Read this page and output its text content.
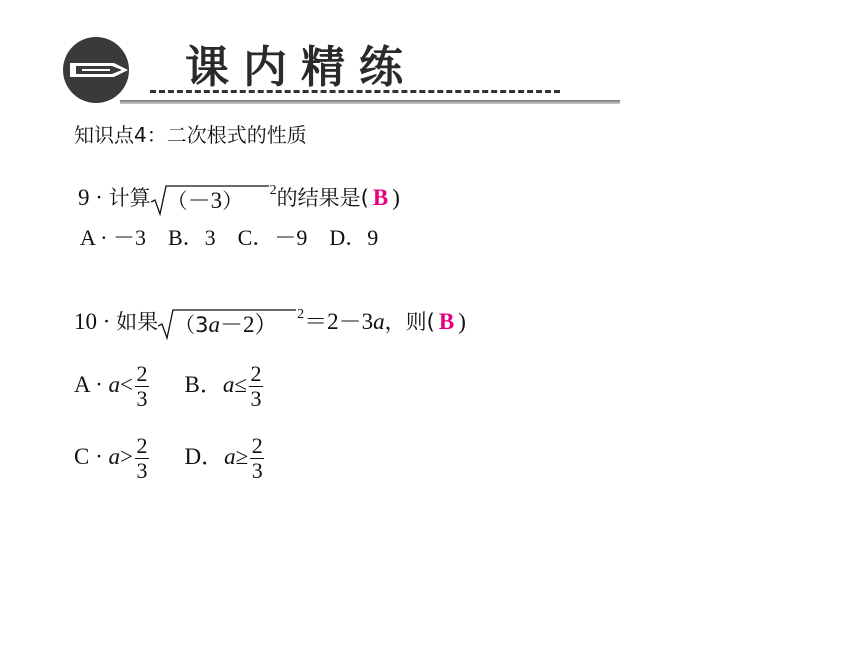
课内精练
知识点4：二次根式的性质
9 · 计算 （－3） $^2$的结果是( B )
A · －3　B．3　C．－9　D．9
10 · 如果 （3a－2） $^2$＝2－3a，则( B )
$A \cdot a< \frac{2}{3}$ B．$a\le \frac{2}{3}$
$C \cdot a> \frac{2}{3}$ D．$a\ge \frac{2}{3}$
